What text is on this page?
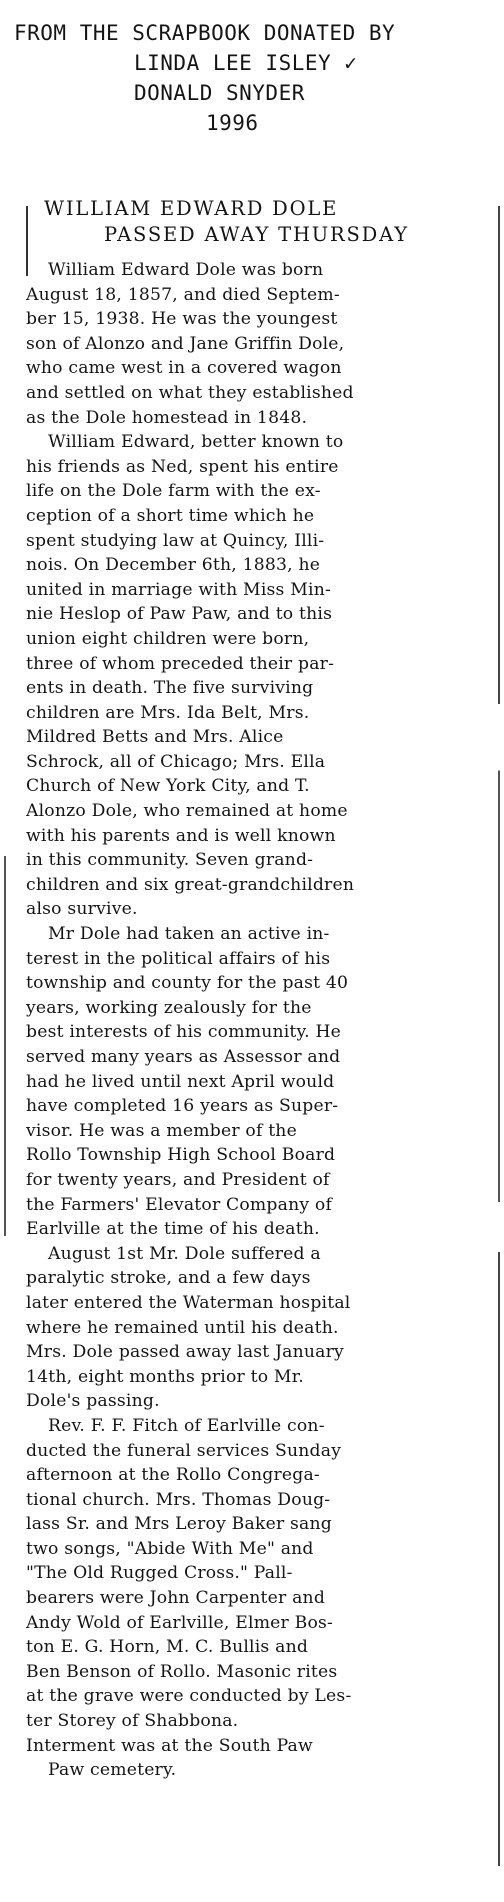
FROM THE SCRAPBOOK DONATED BY
LINDA LEE ISLEY ✓
DONALD SNYDER
1996
WILLIAM EDWARD DOLE
PASSED AWAY THURSDAY
William Edward Dole was born
August 18, 1857, and died Septem-
ber 15, 1938. He was the youngest
son of Alonzo and Jane Griffin Dole,
who came west in a covered wagon
and settled on what they established
as the Dole homestead in 1848.
William Edward, better known to
his friends as Ned, spent his entire
life on the Dole farm with the ex-
ception of a short time which he
spent studying law at Quincy, Illi-
nois. On December 6th, 1883, he
united in marriage with Miss Min-
nie Heslop of Paw Paw, and to this
union eight children were born,
three of whom preceded their par-
ents in death. The five surviving
children are Mrs. Ida Belt, Mrs.
Mildred Betts and Mrs. Alice
Schrock, all of Chicago; Mrs. Ella
Church of New York City, and T.
Alonzo Dole, who remained at home
with his parents and is well known
in this community. Seven grand-
children and six great-grandchildren
also survive.
Mr Dole had taken an active in-
terest in the political affairs of his
township and county for the past 40
years, working zealously for the
best interests of his community. He
served many years as Assessor and
had he lived until next April would
have completed 16 years as Super-
visor. He was a member of the
Rollo Township High School Board
for twenty years, and President of
the Farmers' Elevator Company of
Earlville at the time of his death.
August 1st Mr. Dole suffered a
paralytic stroke, and a few days
later entered the Waterman hospital
where he remained until his death.
Mrs. Dole passed away last January
14th, eight months prior to Mr.
Dole's passing.
Rev. F. F. Fitch of Earlville con-
ducted the funeral services Sunday
afternoon at the Rollo Congrega-
tional church. Mrs. Thomas Doug-
lass Sr. and Mrs Leroy Baker sang
two songs, "Abide With Me" and
"The Old Rugged Cross." Pall-
bearers were John Carpenter and
Andy Wold of Earlville, Elmer Bos-
ton E. G. Horn, M. C. Bullis and
Ben Benson of Rollo. Masonic rites
at the grave were conducted by Les-
ter Storey of Shabbona.
Interment was at the South Paw
Paw cemetery.
